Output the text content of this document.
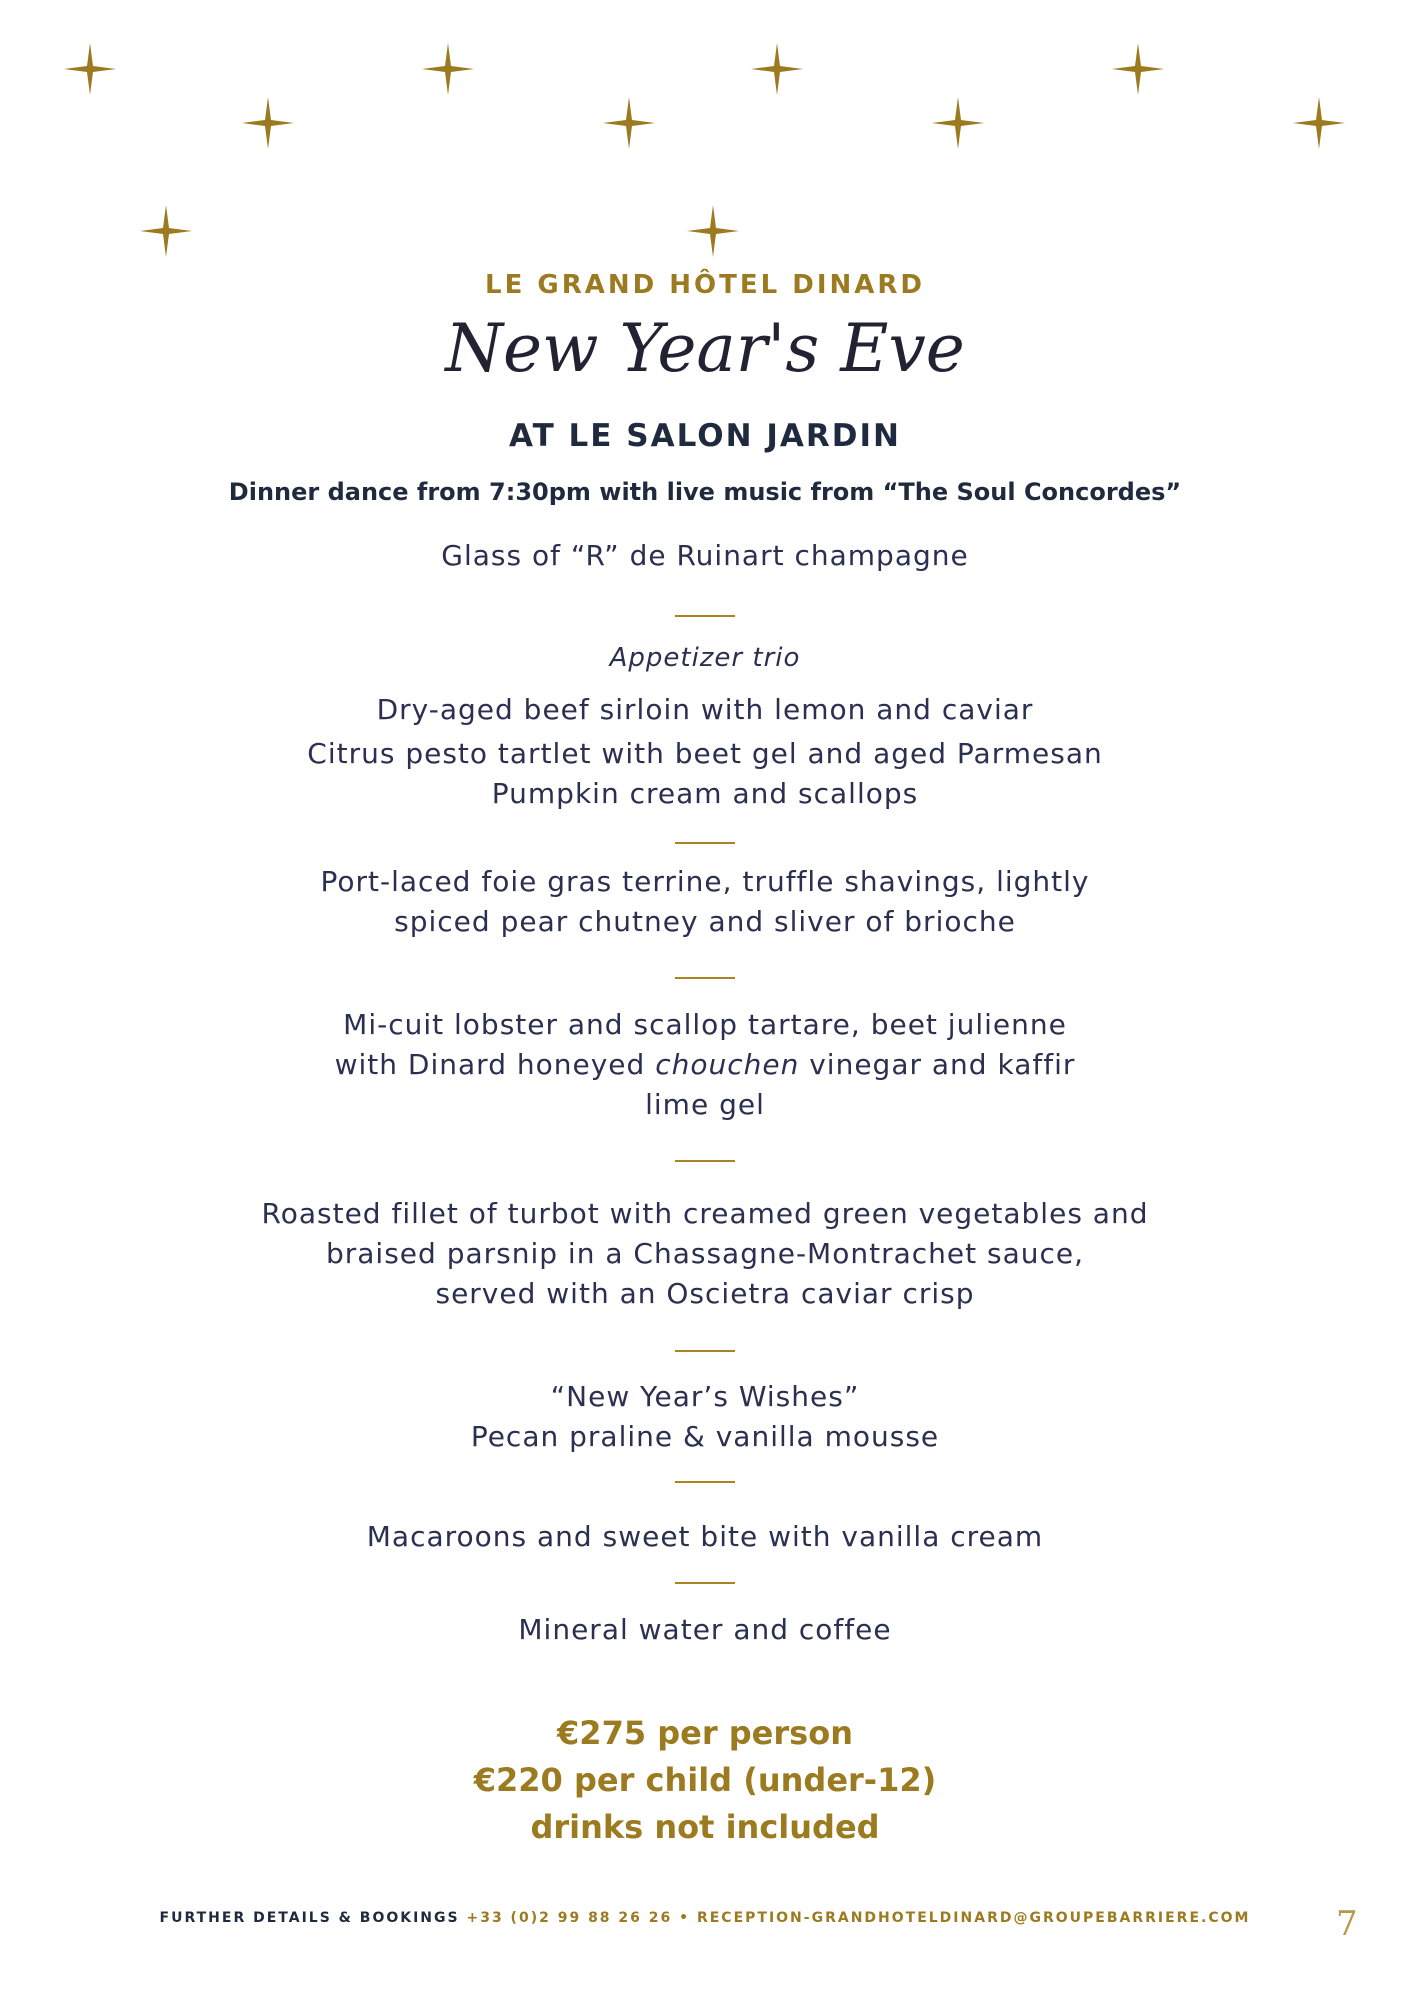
LE GRAND HÔTEL DINARD
New Year's Eve
AT LE SALON JARDIN
Dinner dance from 7:30pm with live music from “The Soul Concordes”
Glass of “R” de Ruinart champagne
Appetizer trio
Dry-aged beef sirloin with lemon and caviar
Citrus pesto tartlet with beet gel and aged Parmesan
Pumpkin cream and scallops
Port-laced foie gras terrine, truffle shavings, lightly
spiced pear chutney and sliver of brioche
Mi-cuit lobster and scallop tartare, beet julienne
with Dinard honeyed chouchen vinegar and kaffir
lime gel
Roasted fillet of turbot with creamed green vegetables and
braised parsnip in a Chassagne-Montrachet sauce,
served with an Oscietra caviar crisp
“New Year’s Wishes”
Pecan praline & vanilla mousse
Macaroons and sweet bite with vanilla cream
Mineral water and coffee
€275 per person
€220 per child (under-12)
drinks not included
FURTHER DETAILS & BOOKINGS +33 (0)2 99 88 26 26 • RECEPTION-GRANDHOTELDINARD@GROUPEBARRIERE.COM	7
